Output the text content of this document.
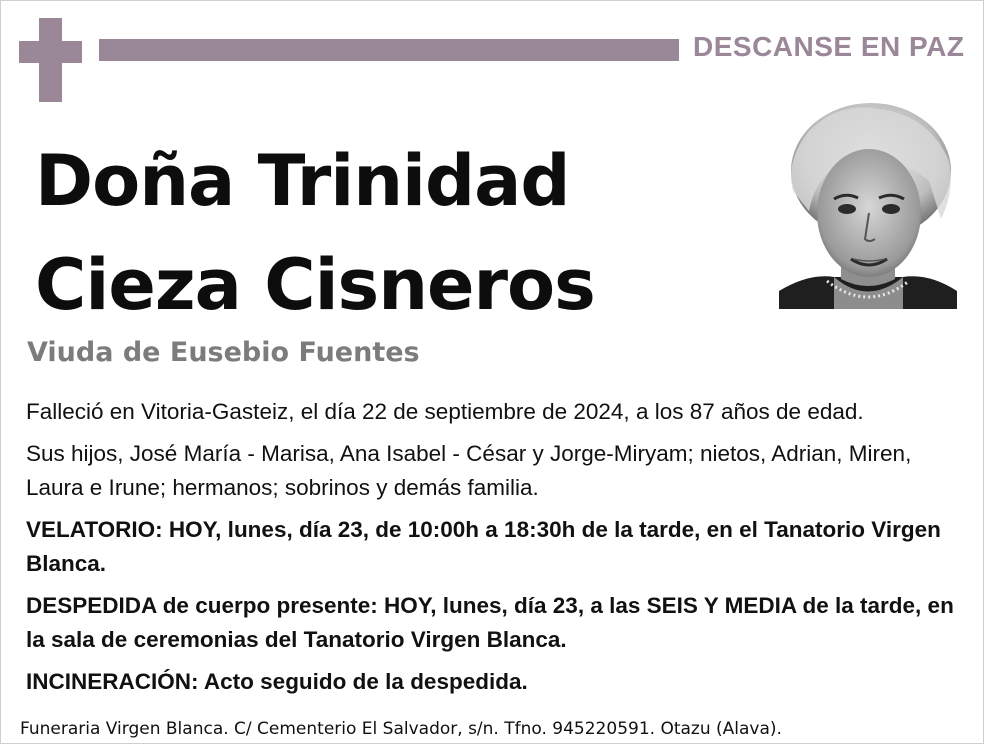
DESCANSE EN PAZ
Doña Trinidad
Cieza Cisneros
Viuda de Eusebio Fuentes

Falleció en Vitoria-Gasteiz, el día 22 de septiembre de 2024, a los 87 años de edad.

Sus hijos, José María - Marisa, Ana Isabel - César y Jorge-Miryam; nietos, Adrian, Miren, Laura e Irune; hermanos; sobrinos y demás familia.

VELATORIO: HOY, lunes, día 23, de 10:00h a 18:30h de la tarde, en el Tanatorio Virgen Blanca.

DESPEDIDA de cuerpo presente: HOY, lunes, día 23, a las SEIS Y MEDIA de la tarde, en la sala de ceremonias del Tanatorio Virgen Blanca.

INCINERACIÓN: Acto seguido de la despedida.

Funeraria Virgen Blanca. C/ Cementerio El Salvador, s/n. Tfno. 945220591. Otazu (Alava).
